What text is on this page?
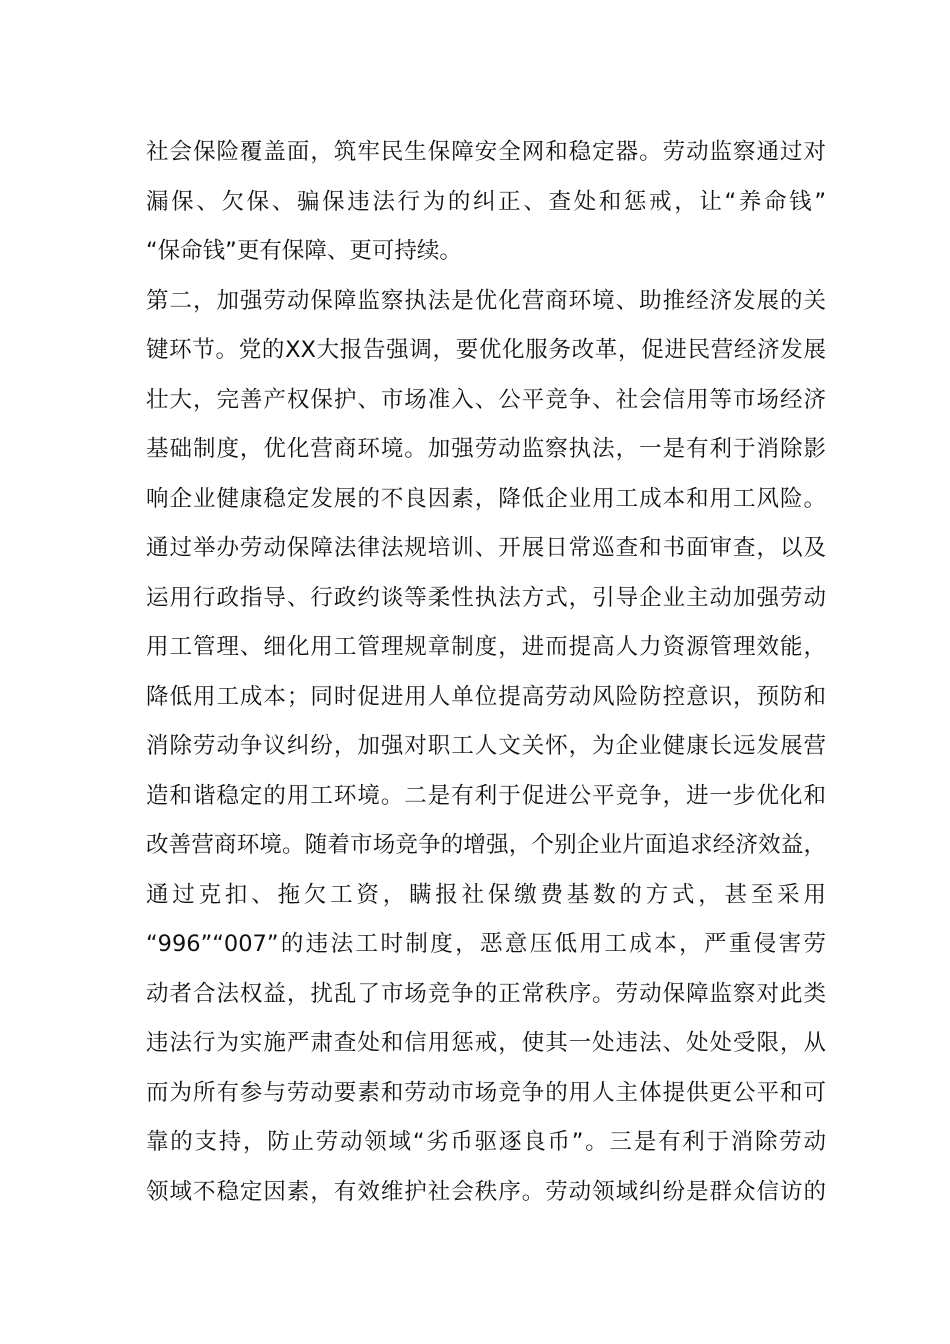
社会保险覆盖面，筑牢民生保障安全网和稳定器。劳动监察通过对
漏保、欠保、骗保违法行为的纠正、查处和惩戒，让“养命钱”
“保命钱”更有保障、更可持续。
第二，加强劳动保障监察执法是优化营商环境、助推经济发展的关
键环节。党的XX大报告强调，要优化服务改革，促进民营经济发展
壮大，完善产权保护、市场准入、公平竞争、社会信用等市场经济
基础制度，优化营商环境。加强劳动监察执法，一是有利于消除影
响企业健康稳定发展的不良因素，降低企业用工成本和用工风险。
通过举办劳动保障法律法规培训、开展日常巡查和书面审查，以及
运用行政指导、行政约谈等柔性执法方式，引导企业主动加强劳动
用工管理、细化用工管理规章制度，进而提高人力资源管理效能，
降低用工成本；同时促进用人单位提高劳动风险防控意识，预防和
消除劳动争议纠纷，加强对职工人文关怀，为企业健康长远发展营
造和谐稳定的用工环境。二是有利于促进公平竞争，进一步优化和
改善营商环境。随着市场竞争的增强，个别企业片面追求经济效益，
通过克扣、拖欠工资，瞒报社保缴费基数的方式，甚至采用
“996”“007”的违法工时制度，恶意压低用工成本，严重侵害劳
动者合法权益，扰乱了市场竞争的正常秩序。劳动保障监察对此类
违法行为实施严肃查处和信用惩戒，使其一处违法、处处受限，从
而为所有参与劳动要素和劳动市场竞争的用人主体提供更公平和可
靠的支持，防止劳动领域“劣币驱逐良币”。三是有利于消除劳动
领域不稳定因素，有效维护社会秩序。劳动领域纠纷是群众信访的
